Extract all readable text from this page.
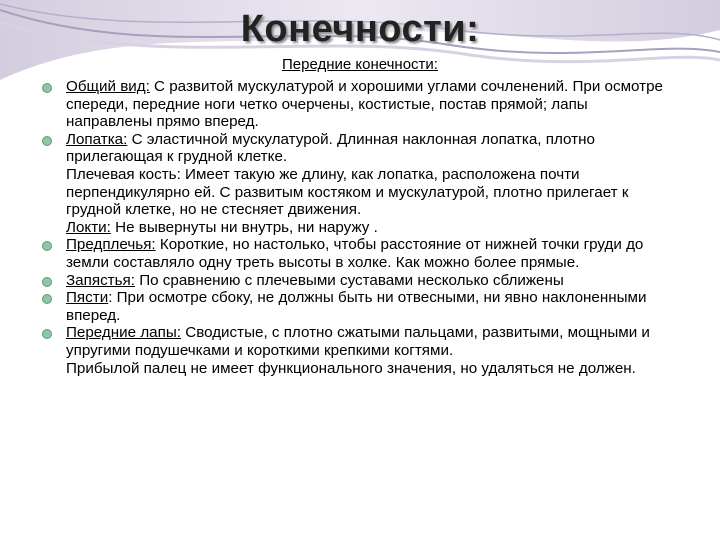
Конечности:
Передние конечности:
Общий вид: С развитой мускулатурой и хорошими углами сочленений. При осмотре спереди, передние ноги четко очерчены, костистые, постав прямой; лапы направлены прямо вперед.
Лопатка: С эластичной мускулатурой. Длинная наклонная лопатка, плотно прилегающая к грудной клетке.
Плечевая кость: Имеет такую же длину, как лопатка, расположена почти перпендикулярно ей. С развитым костяком и мускулатурой, плотно прилегает к грудной клетке, но не стесняет движения.
Локти: Не вывернуты ни внутрь, ни наружу .
Предплечья: Короткие, но настолько, чтобы расстояние от нижней точки груди до земли составляло одну треть высоты в холке. Как можно более прямые.
Запястья: По сравнению с плечевыми суставами несколько сближены
Пясти: При осмотре сбоку, не должны быть ни отвесными, ни явно наклоненными вперед.
Передние лапы: Сводистые, с плотно сжатыми пальцами, развитыми, мощными и упругими подушечками и короткими крепкими когтями.
Прибылой палец не имеет функционального значения, но удаляться не должен.
